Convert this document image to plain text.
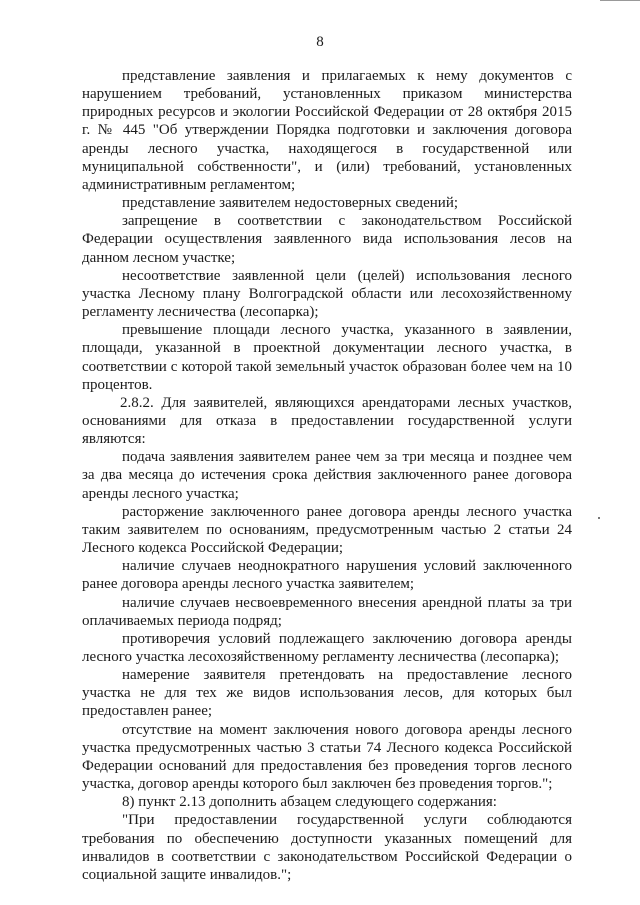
8

представление заявления и прилагаемых к нему документов с нарушением требований, установленных приказом министерства природных ресурсов и экологии Российской Федерации от 28 октября 2015 г. № 445 "Об утверждении Порядка подготовки и заключения договора аренды лесного участка, находящегося в государственной или муниципальной собственности", и (или) требований, установленных административным регламентом;

представление заявителем недостоверных сведений;

запрещение в соответствии с законодательством Российской Федерации осуществления заявленного вида использования лесов на данном лесном участке;

несоответствие заявленной цели (целей) использования лесного участка Лесному плану Волгоградской области или лесохозяйственному регламенту лесничества (лесопарка);

превышение площади лесного участка, указанного в заявлении, площади, указанной в проектной документации лесного участка, в соответствии с которой такой земельный участок образован более чем на 10 процентов.

2.8.2. Для заявителей, являющихся арендаторами лесных участков, основаниями для отказа в предоставлении государственной услуги являются:

подача заявления заявителем ранее чем за три месяца и позднее чем за два месяца до истечения срока действия заключенного ранее договора аренды лесного участка;

расторжение заключенного ранее договора аренды лесного участка таким заявителем по основаниям, предусмотренным частью 2 статьи 24 Лесного кодекса Российской Федерации;

наличие случаев неоднократного нарушения условий заключенного ранее договора аренды лесного участка заявителем;

наличие случаев несвоевременного внесения арендной платы за три оплачиваемых периода подряд;

противоречия условий подлежащего заключению договора аренды лесного участка лесохозяйственному регламенту лесничества (лесопарка);

намерение заявителя претендовать на предоставление лесного участка не для тех же видов использования лесов, для которых был предоставлен ранее;

отсутствие на момент заключения нового договора аренды лесного участка предусмотренных частью 3 статьи 74 Лесного кодекса Российской Федерации оснований для предоставления без проведения торгов лесного участка, договор аренды которого был заключен без проведения торгов.";

8) пункт 2.13 дополнить абзацем следующего содержания:

"При предоставлении государственной услуги соблюдаются требования по обеспечению доступности указанных помещений для инвалидов в соответствии с законодательством Российской Федерации о социальной защите инвалидов.";
